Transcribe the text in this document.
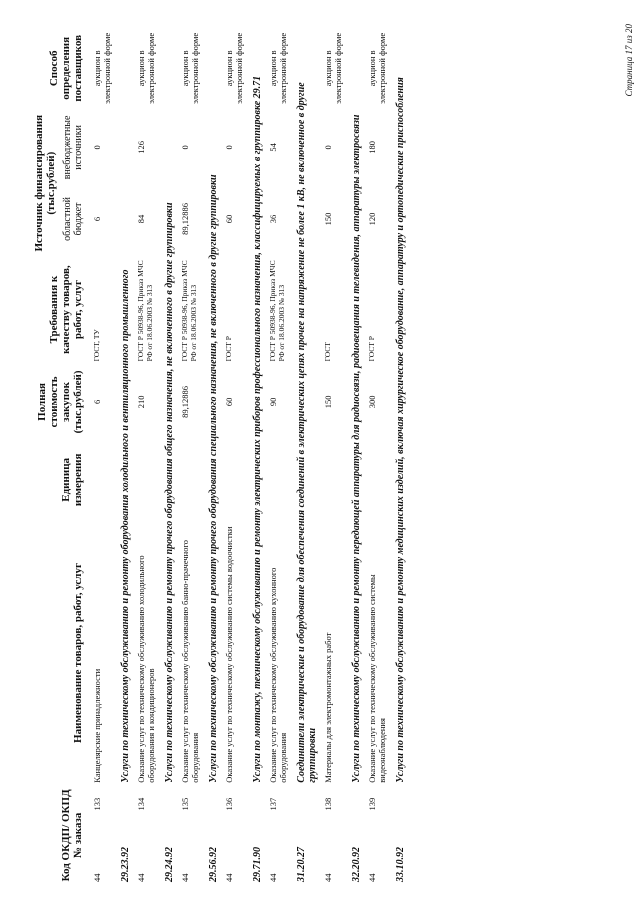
Код ОКДП/ ОКПД № заказа		Наименование товаров, работ, услуг	Единица измерения	Полная стоимость закупок (тыс.рублей)	Требования к качеству товаров, работ, услуг	Источник финансирования (тыс.рублей)		Способ определения поставщиков
						областной бюджет	внебюджетные источники	
44	133	Канцелярские принадлежности		6	ГОСТ, ТУ	6	0	аукцион в электронной форме
29.23.92		Услуги по техническому обслуживанию и ремонту оборудования холодильного и вентиляционного промышленного						
44	134	Оказание услуг по техническому обслуживанию холодильного оборудования и кондиционеров		210	ГОСТ Р 50938-96, Приказ МЧС РФ от 18.06.2003 № 313	84	126	аукцион в электронной форме
29.24.92		Услуги по техническому обслуживанию и ремонту прочего оборудования общего назначения, не включенного в другие группировки						
44	135	Оказание услуг по техническому обслуживанию банно-прачечного оборудования		89,12886	ГОСТ Р 50938-96, Приказ МЧС РФ от 18.06.2003 № 313	89,12886	0	аукцион в электронной форме
29.56.92		Услуги по техническому обслуживанию и ремонту прочего оборудования специального назначения, не включенного в другие группировки						
44	136	Оказание услуг по техническому обслуживанию системы водоочистки		60	ГОСТ Р	60	0	аукцион в электронной форме
29.71.90		Услуги по монтажу, техническому обслуживанию и ремонту электрических приборов профессионального назначения, классифицируемых в группировке 29.71						
44	137	Оказание услуг по техническому обслуживанию кухонного оборудования		90	ГОСТ Р 50938-96, Приказ МЧС РФ от 18.06.2003 № 313	36	54	аукцион в электронной форме
31.20.27		Соединители электрические и оборудование для обеспечения соединений в электрических цепях прочее на напряжение не более 1 кВ, не включенное в другие группировки						
44	138	Материалы для электромонтажных работ		150	ГОСТ	150	0	аукцион в электронной форме
32.20.92		Услуги по техническому обслуживанию и ремонту передающей аппаратуры для радиосвязи, радиовещания и телевидения, аппаратуры электросвязи						
44	139	Оказание услуг по техническому обслуживанию системы видеонаблюдения		300	ГОСТ Р	120	180	аукцион в электронной форме
33.10.92		Услуги по техническому обслуживанию и ремонту медицинских изделий, включая хирургическое оборудование, аппаратуру и ортопедические приспособления						
Страница 17 из 20
